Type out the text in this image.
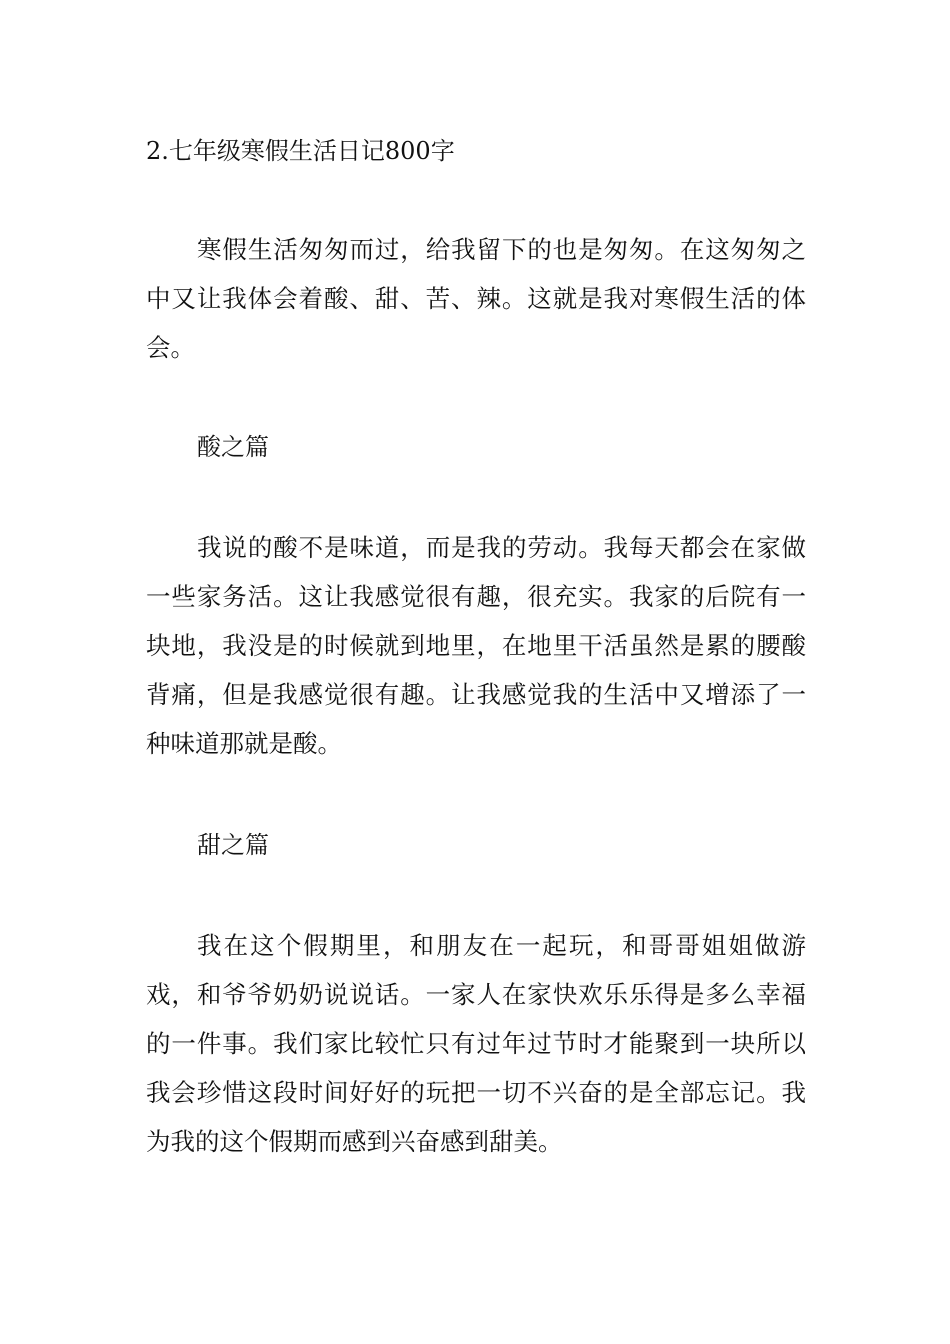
2.七年级寒假生活日记800字

寒假生活匆匆而过，给我留下的也是匆匆。在这匆匆之中又让我体会着酸、甜、苦、辣。这就是我对寒假生活的体会。

酸之篇

我说的酸不是味道，而是我的劳动。我每天都会在家做一些家务活。这让我感觉很有趣，很充实。我家的后院有一块地，我没是的时候就到地里，在地里干活虽然是累的腰酸背痛，但是我感觉很有趣。让我感觉我的生活中又增添了一种味道那就是酸。

甜之篇

我在这个假期里，和朋友在一起玩，和哥哥姐姐做游戏，和爷爷奶奶说说话。一家人在家快欢乐乐得是多么幸福的一件事。我们家比较忙只有过年过节时才能聚到一块所以我会珍惜这段时间好好的玩把一切不兴奋的是全部忘记。我为我的这个假期而感到兴奋感到甜美。
